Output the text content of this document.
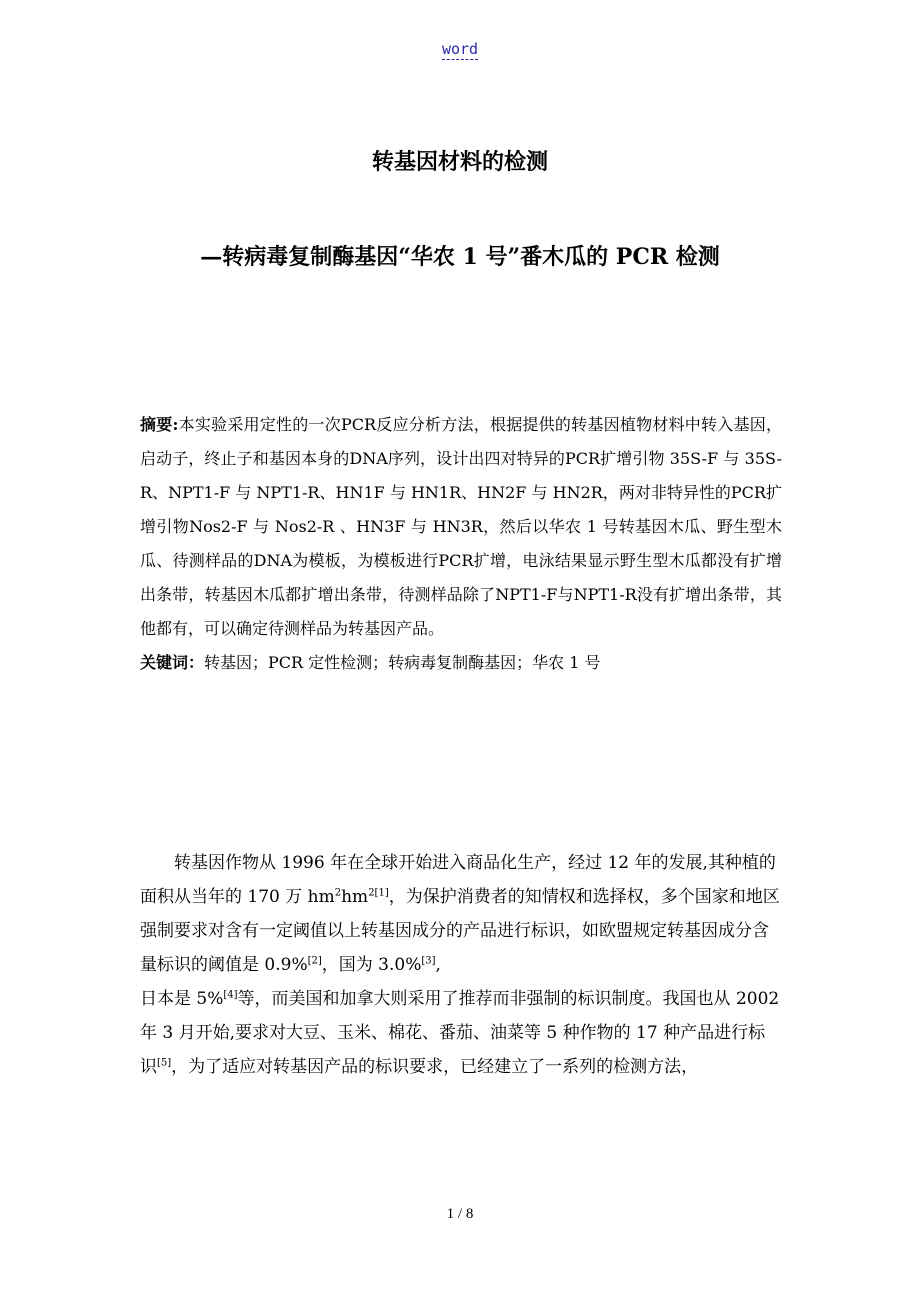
word
转基因材料的检测
—转病毒复制酶基因“华农 1 号”番木瓜的 PCR 检测
摘要:本实验采用定性的一次PCR反应分析方法，根据提供的转基因植物材料中转入基因，启动子，终止子和基因本身的DNA序列，设计出四对特异的PCR扩增引物 35S-F 与 35S-R、NPT1-F 与 NPT1-R、HN1F 与 HN1R、HN2F 与 HN2R，两对非特异性的PCR扩增引物Nos2-F 与 Nos2-R 、HN3F 与 HN3R，然后以华农 1 号转基因木瓜、野生型木瓜、待测样品的DNA为模板，为模板进行PCR扩增，电泳结果显示野生型木瓜都没有扩增出条带，转基因木瓜都扩增出条带，待测样品除了NPT1-F与NPT1-R没有扩增出条带，其他都有，可以确定待测样品为转基因产品。
关键词：转基因；PCR 定性检测；转病毒复制酶基因；华农 1 号

转基因作物从 1996 年在全球开始进入商品化生产，经过 12 年的发展,其种植的面积从当年的 170 万 $hm^2hm^{2[1]}$，为保护消费者的知情权和选择权，多个国家和地区强制要求对含有一定阈值以上转基因成分的产品进行标识，如欧盟规定转基因成分含量标识的阈值是 0.9%[2]，国为 3.0%[3],

日本是 5%[4]等，而美国和加拿大则采用了推荐而非强制的标识制度。我国也从 2002 年 3 月开始,要求对大豆、玉米、棉花、番茄、油菜等 5 种作物的 17 种产品进行标识[5]，为了适应对转基因产品的标识要求，已经建立了一系列的检测方法，

1 / 8
